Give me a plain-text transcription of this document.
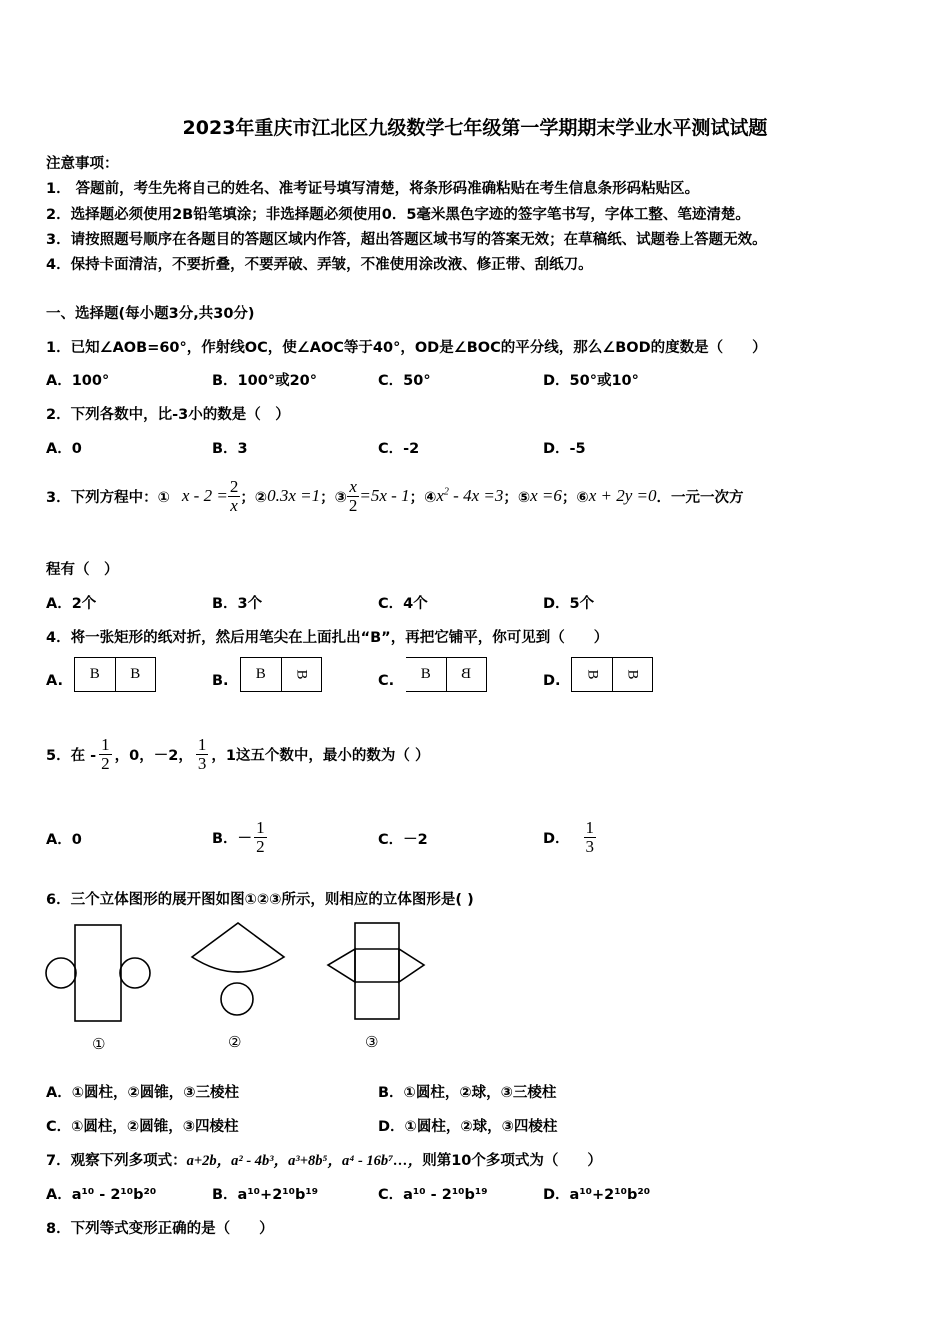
2023年重庆市江北区九级数学七年级第一学期期末学业水平测试试题
注意事项：
1． 答题前，考生先将自己的姓名、准考证号填写清楚，将条形码准确粘贴在考生信息条形码粘贴区。
2．选择题必须使用2B铅笔填涂；非选择题必须使用0．5毫米黑色字迹的签字笔书写，字体工整、笔迹清楚。
3．请按照题号顺序在各题目的答题区域内作答，超出答题区域书写的答案无效；在草稿纸、试题卷上答题无效。
4．保持卡面清洁，不要折叠，不要弄破、弄皱，不准使用涂改液、修正带、刮纸刀。
一、选择题(每小题3分,共30分)
1．已知∠AOB=60°，作射线OC，使∠AOC等于40°，OD是∠BOC的平分线，那么∠BOD的度数是（　　）
A．100°	B．100°或20°	C．50°	D．50°或10°
2．下列各数中，比-3小的数是（　）
A．0	B．3	C．-2	D．-5
3．下列方程中：① $x - 2 = \frac{2}{x}$ ；② 0.3x =1 ；③ $\frac{x}{2} =5x - 1$ ；④ $x^2 - 4x =3$ ；⑤ x =6 ；⑥ x + 2y =0 ．一元一次方
程有（　）
A．2个	B．3个	C．4个	D．5个
4．将一张矩形的纸对折，然后用笔尖在上面扎出“B”，再把它铺平，你可见到（　　）
A.	B	B	B.	B	B	C.	B	B	D. B B
5．在 - $\frac{1}{2}$ ，0，－2， $\frac{1}{3}$ ，1这五个数中，最小的数为（ ）
A．0	B．－ $\frac{1}{2}$	C．－2	D． $\frac{1}{3}$
6．三个立体图形的展开图如图①②③所示，则相应的立体图形是( )
①	②	③
A．①圆柱，②圆锥，③三棱柱	B．①圆柱，②球，③三棱柱
C．①圆柱，②圆锥，③四棱柱	D．①圆柱，②球，③四棱柱
7．观察下列多项式：a+2b，a² - 4b³，a³+8b⁵，a⁴ - 16b⁷…，则第10个多项式为（　　）
A．a¹⁰ - 2¹⁰b²⁰	B．a¹⁰+2¹⁰b¹⁹	C．a¹⁰ - 2¹⁰b¹⁹	D．a¹⁰+2¹⁰b²⁰
8．下列等式变形正确的是（　　）
